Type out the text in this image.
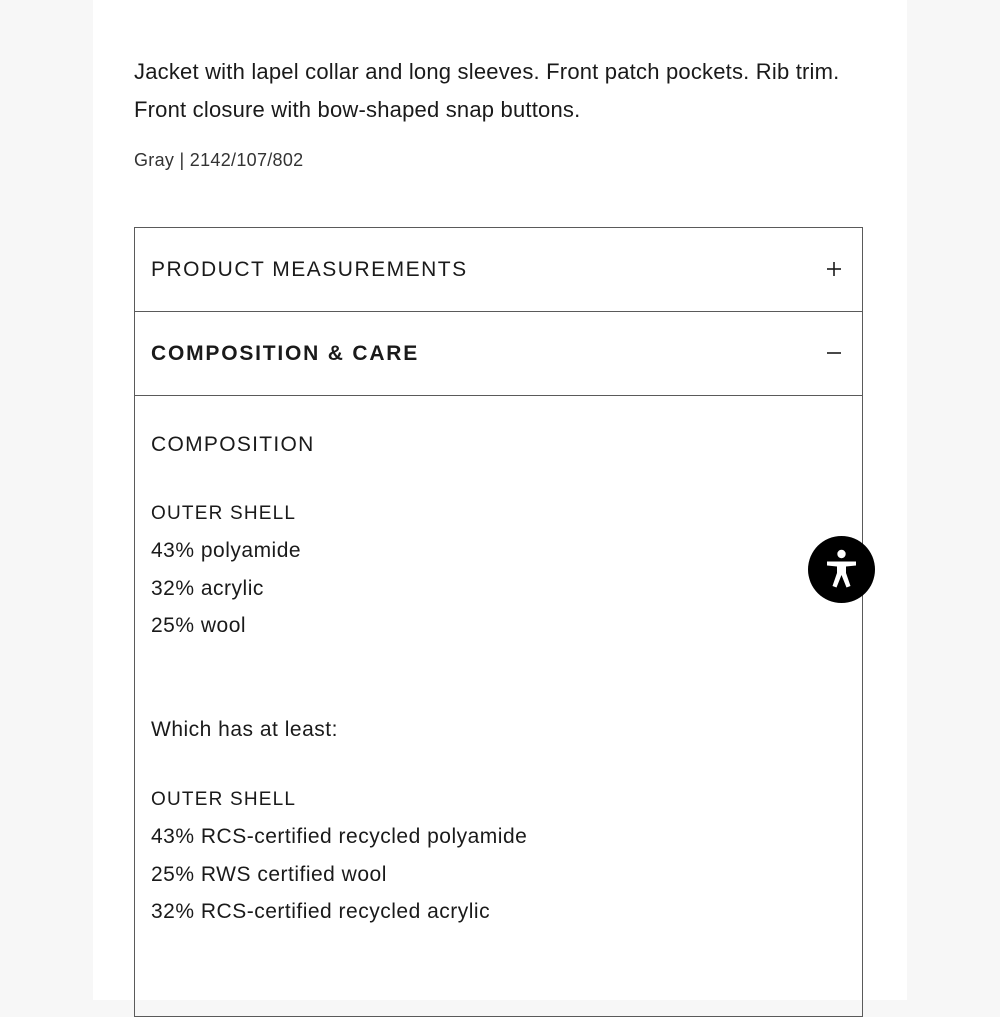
Jacket with lapel collar and long sleeves. Front patch pockets. Rib trim. Front closure with bow-shaped snap buttons.

Gray | 2142/107/802

PRODUCT MEASUREMENTS
COMPOSITION & CARE
COMPOSITION
OUTER SHELL
43% polyamide
32% acrylic
25% wool
Which has at least:
OUTER SHELL
43% RCS-certified recycled polyamide
25% RWS certified wool
32% RCS-certified recycled acrylic
